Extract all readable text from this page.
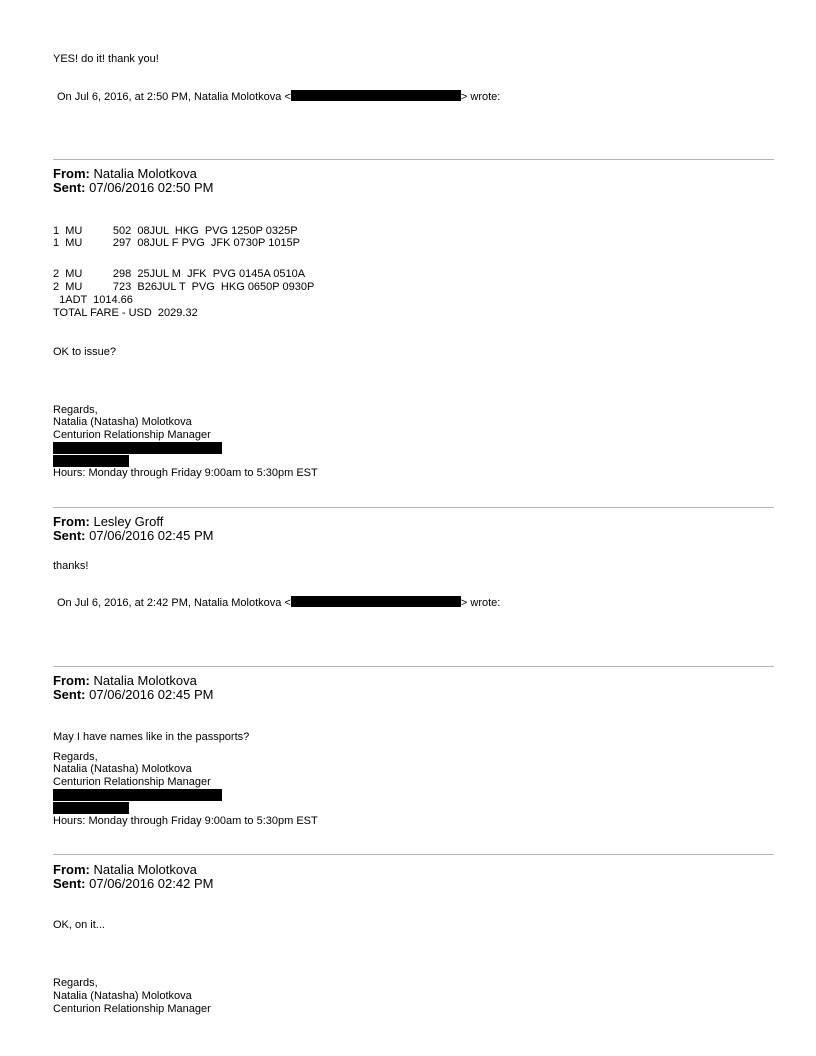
YES! do it! thank you!
On Jul 6, 2016, at 2:50 PM, Natalia Molotkova <	> wrote:
From: Natalia Molotkova
Sent: 07/06/2016 02:50 PM
1  MU          502  08JUL  HKG  PVG 1250P 0325P
1  MU          297  08JUL F PVG  JFK 0730P 1015P
2  MU          298  25JUL M  JFK  PVG 0145A 0510A
2  MU          723  B26JUL T  PVG  HKG 0650P 0930P
1ADT  1014.66
TOTAL FARE - USD  2029.32
OK to issue?
Regards,
Natalia (Natasha) Molotkova
Centurion Relationship Manager
Hours: Monday through Friday 9:00am to 5:30pm EST
From: Lesley Groff
Sent: 07/06/2016 02:45 PM
thanks!
On Jul 6, 2016, at 2:42 PM, Natalia Molotkova <	> wrote:
From: Natalia Molotkova
Sent: 07/06/2016 02:45 PM
May I have names like in the passports?
Regards,
Natalia (Natasha) Molotkova
Centurion Relationship Manager
Hours: Monday through Friday 9:00am to 5:30pm EST
From: Natalia Molotkova
Sent: 07/06/2016 02:42 PM
OK, on it...
Regards,
Natalia (Natasha) Molotkova
Centurion Relationship Manager
